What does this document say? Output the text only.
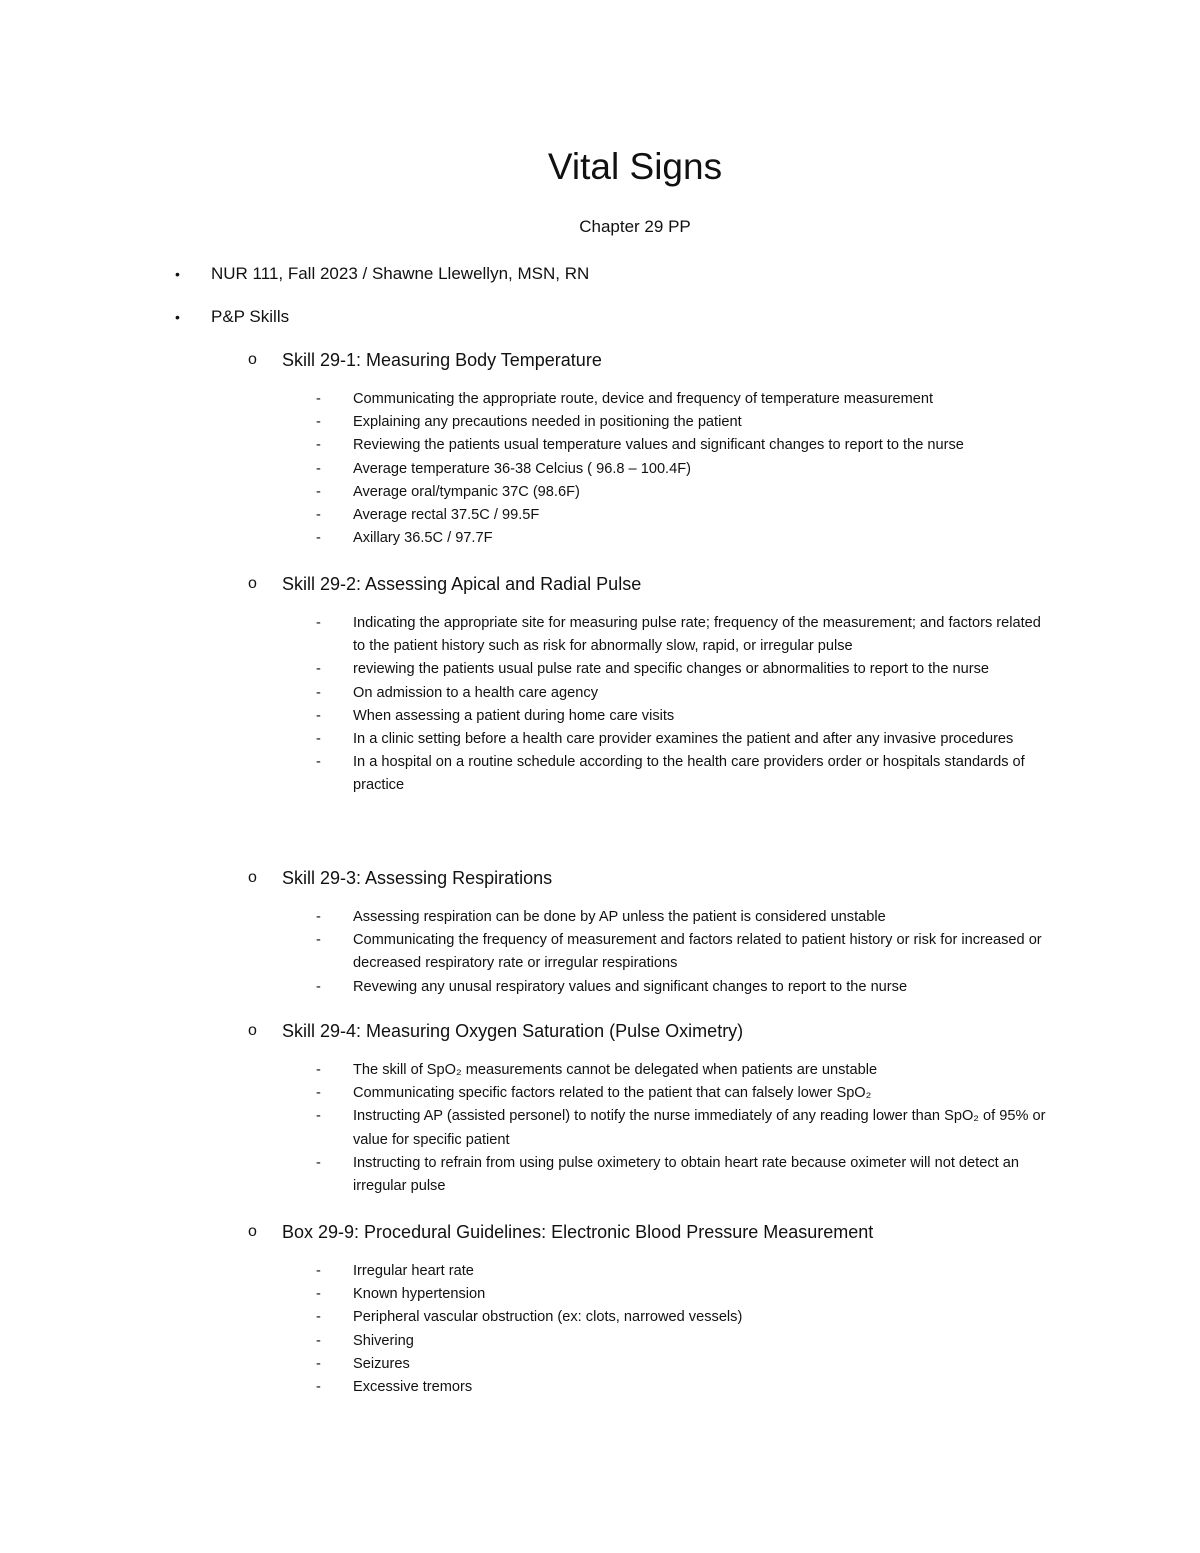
Vital Signs
Chapter 29 PP
• NUR 111, Fall 2023 / Shawne Llewellyn, MSN, RN
• P&P Skills
o Skill 29-1: Measuring Body Temperature
- Communicating the appropriate route, device and frequency of temperature measurement
- Explaining any precautions needed in positioning the patient
- Reviewing the patients usual temperature values and significant changes to report to the nurse
- Average temperature 36-38 Celcius ( 96.8 – 100.4F)
- Average oral/tympanic 37C (98.6F)
- Average rectal 37.5C / 99.5F
- Axillary 36.5C / 97.7F
o Skill 29-2: Assessing Apical and Radial Pulse
- Indicating the appropriate site for measuring pulse rate; frequency of the measurement; and factors related to the patient history such as risk for abnormally slow, rapid, or irregular pulse
- reviewing the patients usual pulse rate and specific changes or abnormalities to report to the nurse
- On admission to a health care agency
- When assessing a patient during home care visits
- In a clinic setting before a health care provider examines the patient and after any invasive procedures
- In a hospital on a routine schedule according to the health care providers order or hospitals standards of practice
o Skill 29-3: Assessing Respirations
- Assessing respiration can be done by AP unless the patient is considered unstable
- Communicating the frequency of measurement and factors related to patient history or risk for increased or decreased respiratory rate or irregular respirations
- Revewing any unusal respiratory values and significant changes to report to the nurse
o Skill 29-4: Measuring Oxygen Saturation (Pulse Oximetry)
- The skill of SpO₂ measurements cannot be delegated when patients are unstable
- Communicating specific factors related to the patient that can falsely lower SpO₂
- Instructing AP (assisted personel) to notify the nurse immediately of any reading lower than SpO₂ of 95% or value for specific patient
- Instructing to refrain from using pulse oximetery to obtain heart rate because oximeter will not detect an irregular pulse
o Box 29-9: Procedural Guidelines: Electronic Blood Pressure Measurement
- Irregular heart rate
- Known hypertension
- Peripheral vascular obstruction (ex: clots, narrowed vessels)
- Shivering
- Seizures
- Excessive tremors
